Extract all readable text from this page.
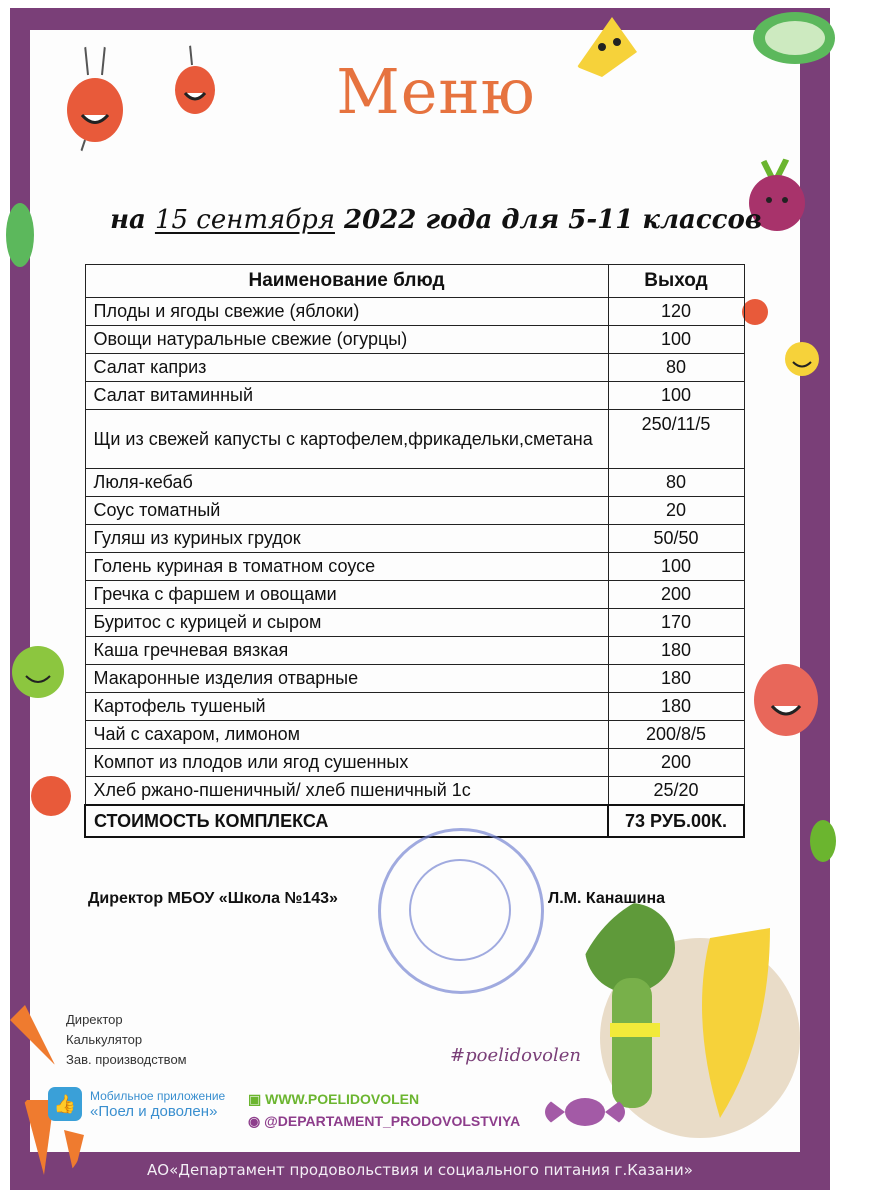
Меню
на 15 сентября 2022 года для 5-11 классов
Наименование блюд	Выход
Плоды и ягоды свежие (яблоки)	120
Овощи натуральные свежие (огурцы)	100
Салат каприз	80
Салат витаминный	100
Щи из свежей капусты с картофелем,фрикадельки,сметана	250/11/5
Люля-кебаб	80
Соус томатный	20
Гуляш из куриных грудок	50/50
Голень куриная в томатном соусе	100
Гречка с фаршем и овощами	200
Буритос с курицей и сыром	170
Каша гречневая вязкая	180
Макаронные изделия отварные	180
Картофель тушеный	180
Чай с сахаром, лимоном	200/8/5
Компот из плодов или ягод сушенных	200
Хлеб ржано-пшеничный/ хлеб пшеничный 1с	25/20
СТОИМОСТЬ КОМПЛЕКСА	73 РУБ.00К.
Директор МБОУ «Школа №143»	Л.М. Канашина
Директор
Калькулятор
Зав. производством	#poelidovolen
👍	Мобильное приложение
«Поел и доволен»
▣ WWW.POELIDOVOLEN
◉ @DEPARTAMENT_PRODOVOLSTVIYA
АО«Департамент продовольствия и социального питания г.Казани»
